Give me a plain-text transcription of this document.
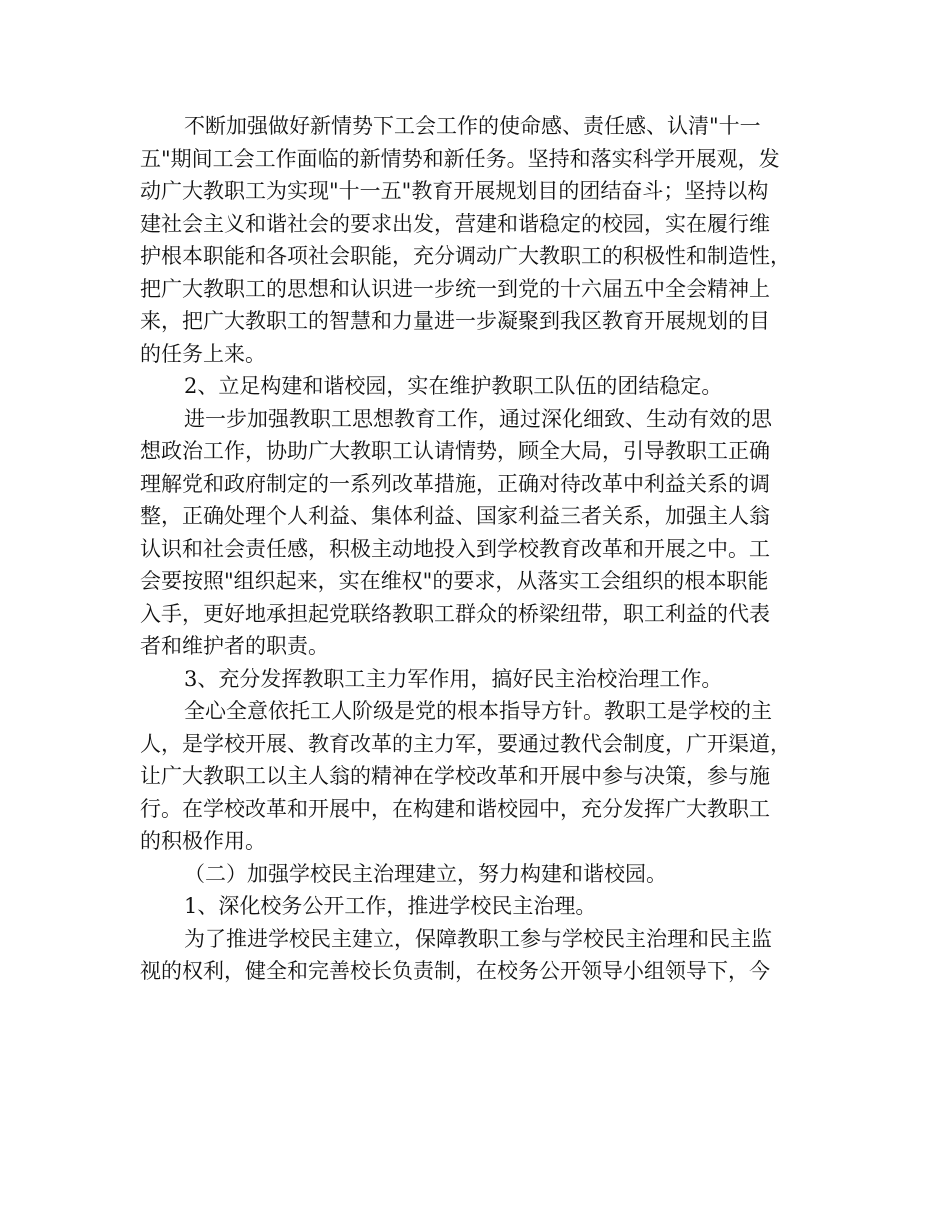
不断加强做好新情势下工会工作的使命感、责任感、认清"十一
五"期间工会工作面临的新情势和新任务。坚持和落实科学开展观，发
动广大教职工为实现"十一五"教育开展规划目的团结奋斗；坚持以构
建社会主义和谐社会的要求出发，营建和谐稳定的校园，实在履行维
护根本职能和各项社会职能，充分调动广大教职工的积极性和制造性，
把广大教职工的思想和认识进一步统一到党的十六届五中全会精神上
来，把广大教职工的智慧和力量进一步凝聚到我区教育开展规划的目
的任务上来。
2、立足构建和谐校园，实在维护教职工队伍的团结稳定。
进一步加强教职工思想教育工作，通过深化细致、生动有效的思
想政治工作，协助广大教职工认请情势，顾全大局，引导教职工正确
理解党和政府制定的一系列改革措施，正确对待改革中利益关系的调
整，正确处理个人利益、集体利益、国家利益三者关系，加强主人翁
认识和社会责任感，积极主动地投入到学校教育改革和开展之中。工
会要按照"组织起来，实在维权"的要求，从落实工会组织的根本职能
入手，更好地承担起党联络教职工群众的桥梁纽带，职工利益的代表
者和维护者的职责。
3、充分发挥教职工主力军作用，搞好民主治校治理工作。
全心全意依托工人阶级是党的根本指导方针。教职工是学校的主
人，是学校开展、教育改革的主力军，要通过教代会制度，广开渠道，
让广大教职工以主人翁的精神在学校改革和开展中参与决策，参与施
行。在学校改革和开展中，在构建和谐校园中，充分发挥广大教职工
的积极作用。
（二）加强学校民主治理建立，努力构建和谐校园。
1、深化校务公开工作，推进学校民主治理。
为了推进学校民主建立，保障教职工参与学校民主治理和民主监
视的权利，健全和完善校长负责制，在校务公开领导小组领导下，今
